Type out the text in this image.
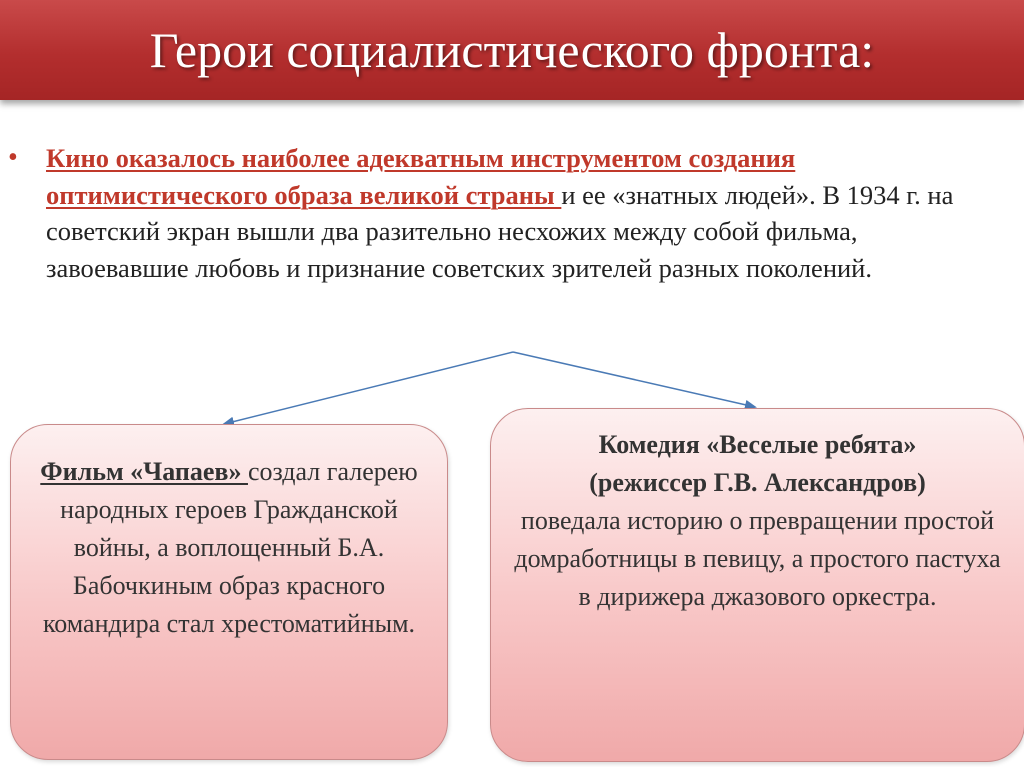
Герои социалистического фронта:
• Кино оказалось наиболее адекватным инструментом создания оптимистического образа великой страны и ее «знатных людей». В 1934 г. на советский экран вышли два разительно несхожих между собой фильма, завоевавшие любовь и признание советских зрителей разных поколений.
Фильм «Чапаев» создал галерею народных героев Гражданской войны, а воплощенный Б.А. Бабочкиным образ красного командира стал хрестоматийным.
Комедия «Веселые ребята»
(режиссер Г.В. Александров)
поведала историю о превращении простой домработницы в певицу, а простого пастуха в дирижера джазового оркестра.
